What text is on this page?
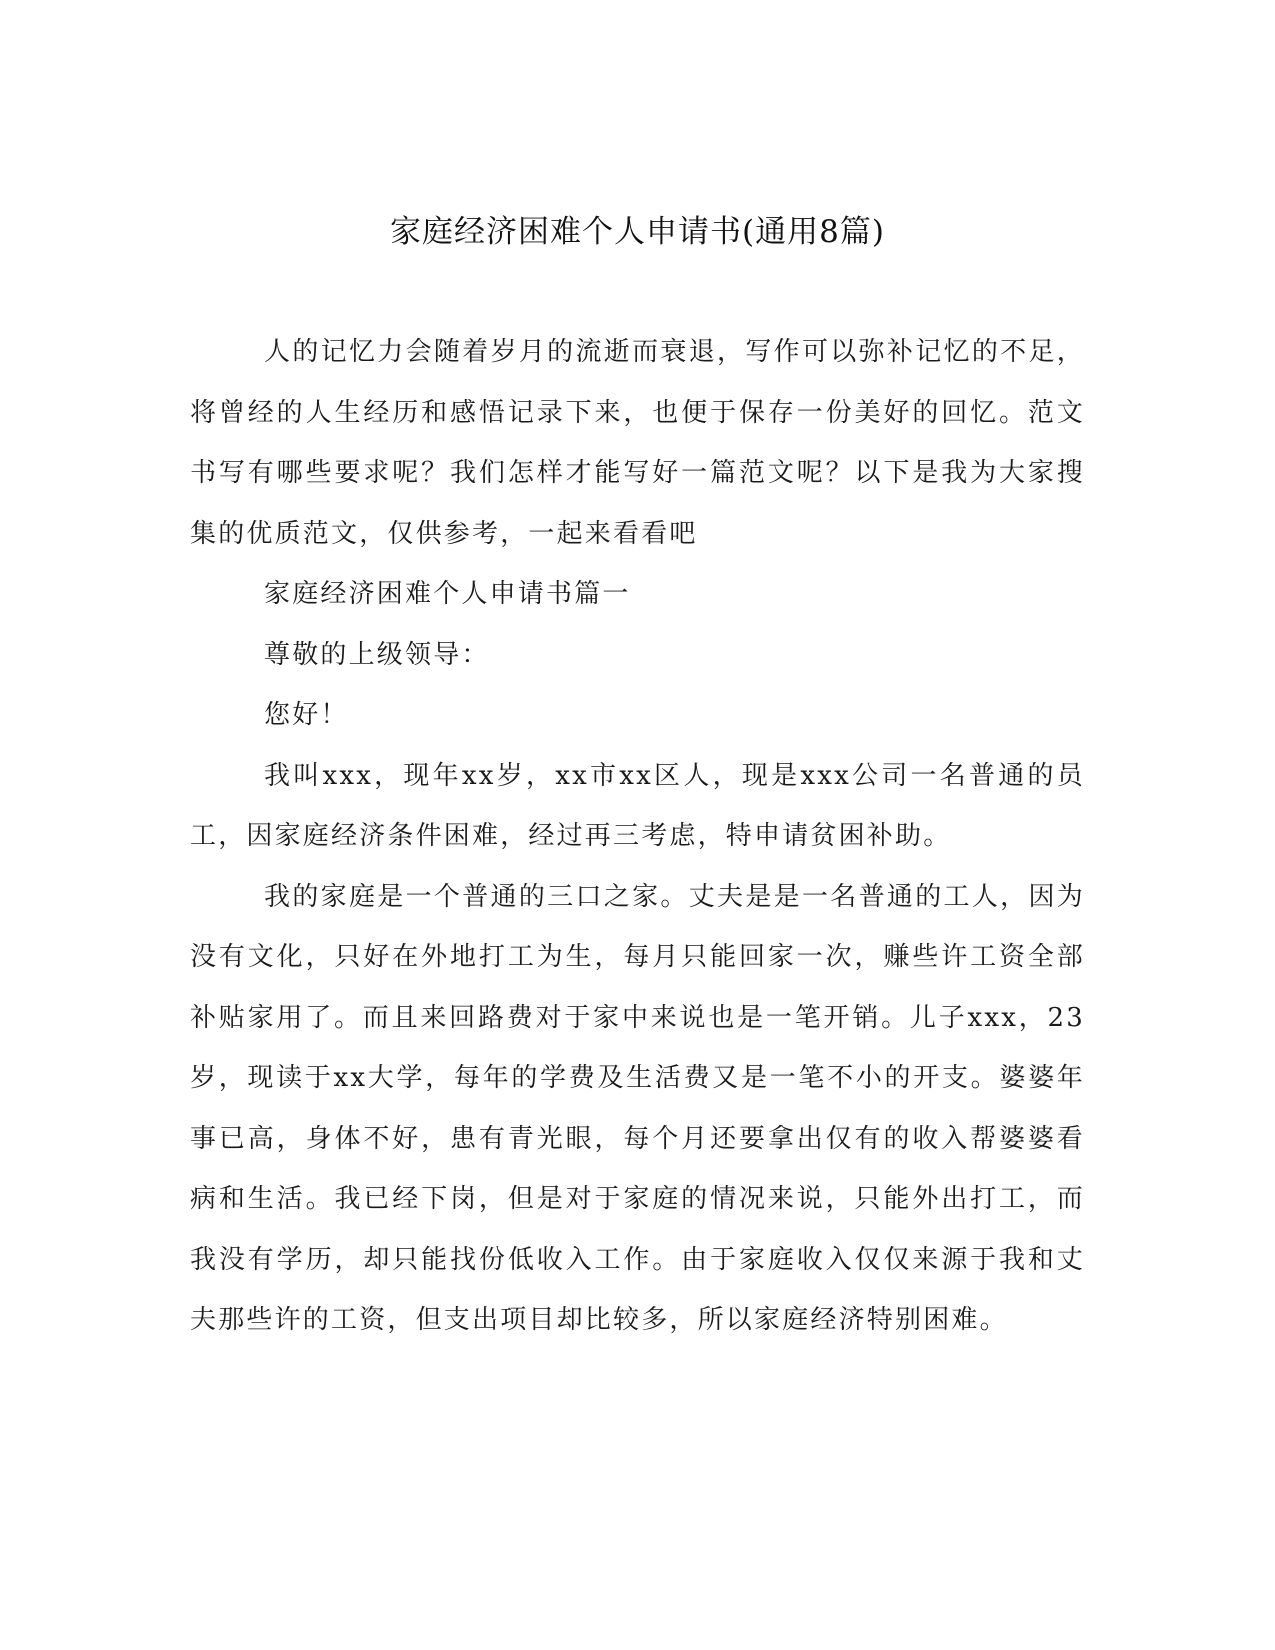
家庭经济困难个人申请书(通用8篇)

人的记忆力会随着岁月的流逝而衰退，写作可以弥补记忆的不足，将曾经的人生经历和感悟记录下来，也便于保存一份美好的回忆。范文书写有哪些要求呢？我们怎样才能写好一篇范文呢？以下是我为大家搜集的优质范文，仅供参考，一起来看看吧

家庭经济困难个人申请书篇一

尊敬的上级领导：

您好！

我叫xxx，现年xx岁，xx市xx区人，现是xxx公司一名普通的员工，因家庭经济条件困难，经过再三考虑，特申请贫困补助。

我的家庭是一个普通的三口之家。丈夫是是一名普通的工人，因为没有文化，只好在外地打工为生，每月只能回家一次，赚些许工资全部补贴家用了。而且来回路费对于家中来说也是一笔开销。儿子xxx，23岁，现读于xx大学，每年的学费及生活费又是一笔不小的开支。婆婆年事已高，身体不好，患有青光眼，每个月还要拿出仅有的收入帮婆婆看病和生活。我已经下岗，但是对于家庭的情况来说，只能外出打工，而我没有学历，却只能找份低收入工作。由于家庭收入仅仅来源于我和丈夫那些许的工资，但支出项目却比较多，所以家庭经济特别困难。
